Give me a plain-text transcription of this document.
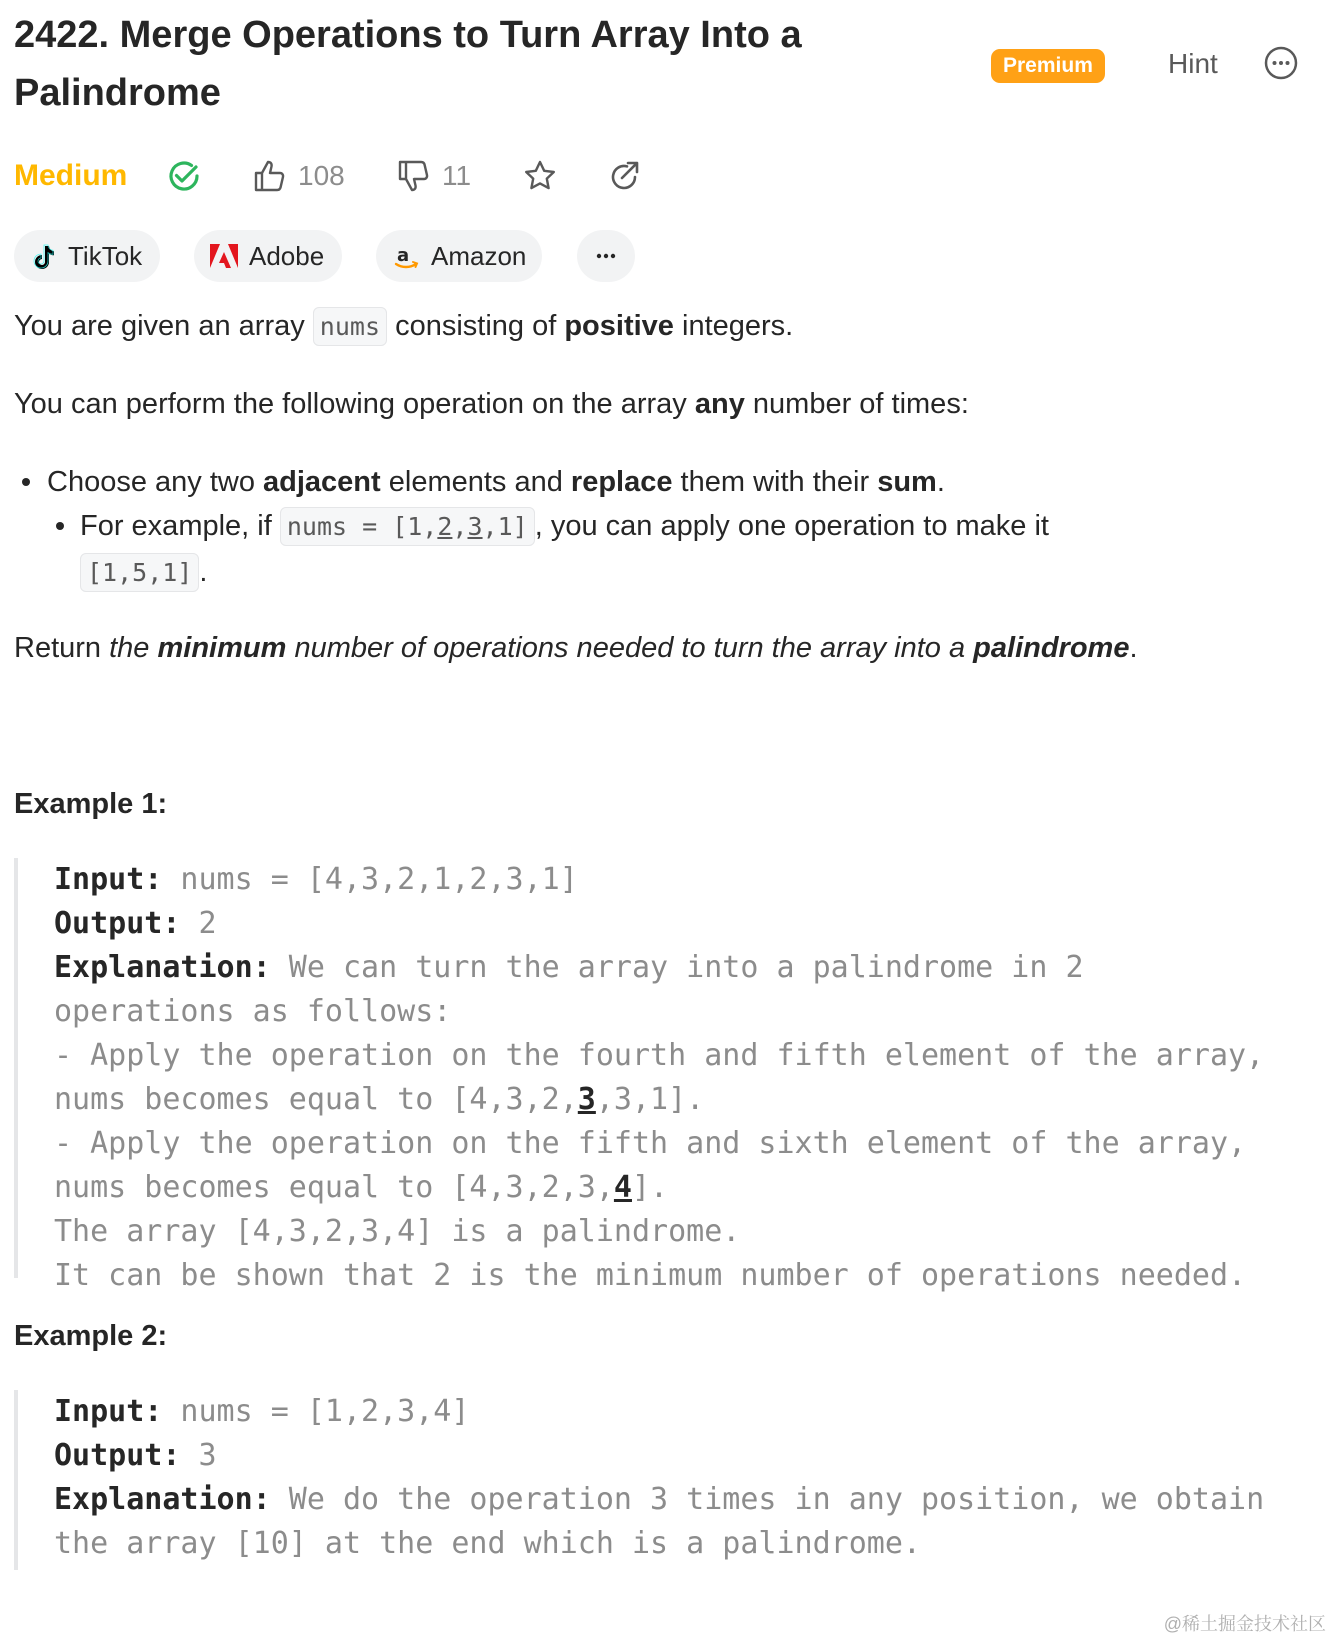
2422. Merge Operations to Turn Array Into a Palindrome
Premium	Hint
Medium	108	11
TikTok	Adobe	a Amazon

You are given an array nums consisting of positive integers.

You can perform the following operation on the array any number of times:

Choose any two adjacent elements and replace them with their sum.

For example, if nums = [1,2,3,1] , you can apply one operation to make it

[1,5,1] .

Return the minimum number of operations needed to turn the array into a palindrome.

Example 1:
Input: nums = [4,3,2,1,2,3,1]
Output: 2
Explanation: We can turn the array into a palindrome in 2
operations as follows:
- Apply the operation on the fourth and fifth element of the array,
nums becomes equal to [4,3,2,3,3,1].
- Apply the operation on the fifth and sixth element of the array,
nums becomes equal to [4,3,2,3,4].
The array [4,3,2,3,4] is a palindrome.
It can be shown that 2 is the minimum number of operations needed.
Example 2:
Input: nums = [1,2,3,4]
Output: 3
Explanation: We do the operation 3 times in any position, we obtain
the array [10] at the end which is a palindrome.
@稀土掘金技术社区
